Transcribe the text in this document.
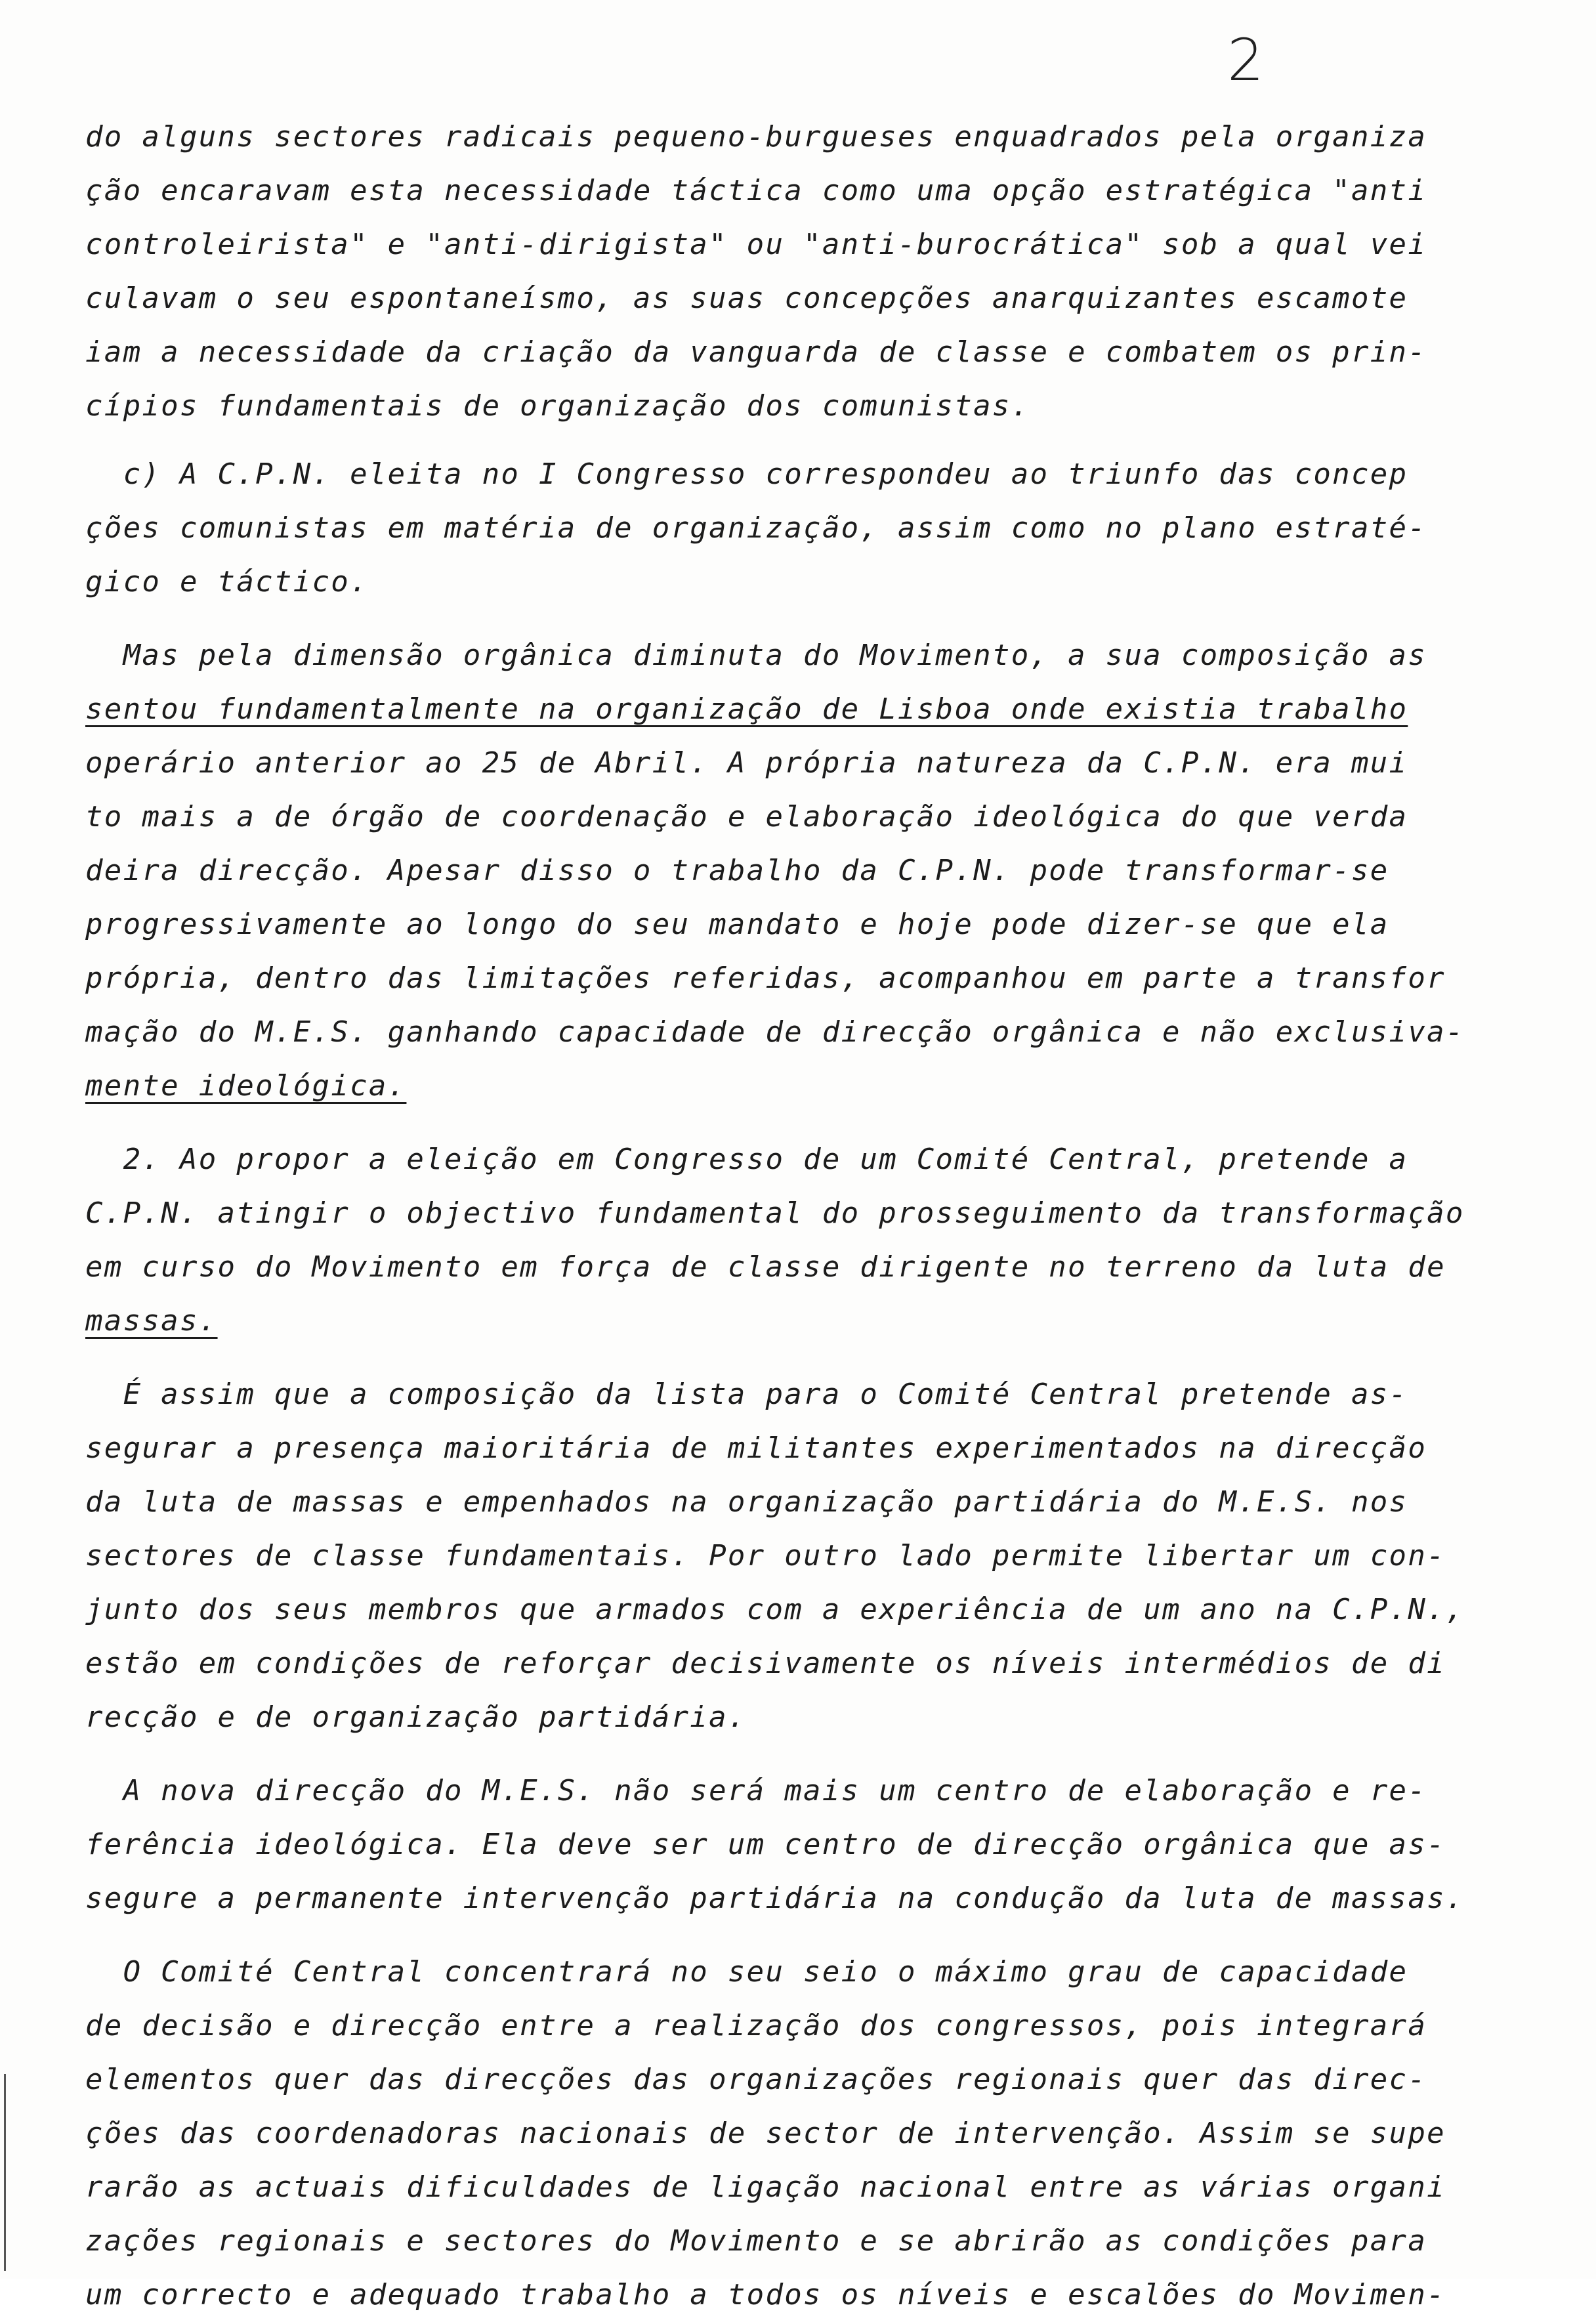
2
do alguns sectores radicais pequeno-burgueses enquadrados pela organiza
ção encaravam esta necessidade táctica como uma opção estratégica "anti
controleirista" e "anti-dirigista" ou "anti-burocrática" sob a qual vei
culavam o seu espontaneísmo, as suas concepções anarquizantes escamote
iam a necessidade da criação da vanguarda de classe e combatem os prin-
cípios fundamentais de organização dos comunistas.
c) A C.P.N. eleita no I Congresso correspondeu ao triunfo das concep
ções comunistas em matéria de organização, assim como no plano estraté-
gico e táctico.
Mas pela dimensão orgânica diminuta do Movimento, a sua composição as
sentou fundamentalmente na organização de Lisboa onde existia trabalho
operário anterior ao 25 de Abril. A própria natureza da C.P.N. era mui
to mais a de órgão de coordenação e elaboração ideológica do que verda
deira direcção. Apesar disso o trabalho da C.P.N. pode transformar-se
progressivamente ao longo do seu mandato e hoje pode dizer-se que ela
própria, dentro das limitações referidas, acompanhou em parte a transfor
mação do M.E.S. ganhando capacidade de direcção orgânica e não exclusiva-
mente ideológica.
2. Ao propor a eleição em Congresso de um Comité Central, pretende a
C.P.N. atingir o objectivo fundamental do prosseguimento da transformação
em curso do Movimento em força de classe dirigente no terreno da luta de
massas.
É assim que a composição da lista para o Comité Central pretende as-
segurar a presença maioritária de militantes experimentados na direcção
da luta de massas e empenhados na organização partidária do M.E.S. nos
sectores de classe fundamentais. Por outro lado permite libertar um con-
junto dos seus membros que armados com a experiência de um ano na C.P.N.,
estão em condições de reforçar decisivamente os níveis intermédios de di
recção e de organização partidária.
A nova direcção do M.E.S. não será mais um centro de elaboração e re-
ferência ideológica. Ela deve ser um centro de direcção orgânica que as-
segure a permanente intervenção partidária na condução da luta de massas.
O Comité Central concentrará no seu seio o máximo grau de capacidade
de decisão e direcção entre a realização dos congressos, pois integrará
elementos quer das direcções das organizações regionais quer das direc-
ções das coordenadoras nacionais de sector de intervenção. Assim se supe
rarão as actuais dificuldades de ligação nacional entre as várias organi
zações regionais e sectores do Movimento e se abrirão as condições para
um correcto e adequado trabalho a todos os níveis e escalões do Movimen-
